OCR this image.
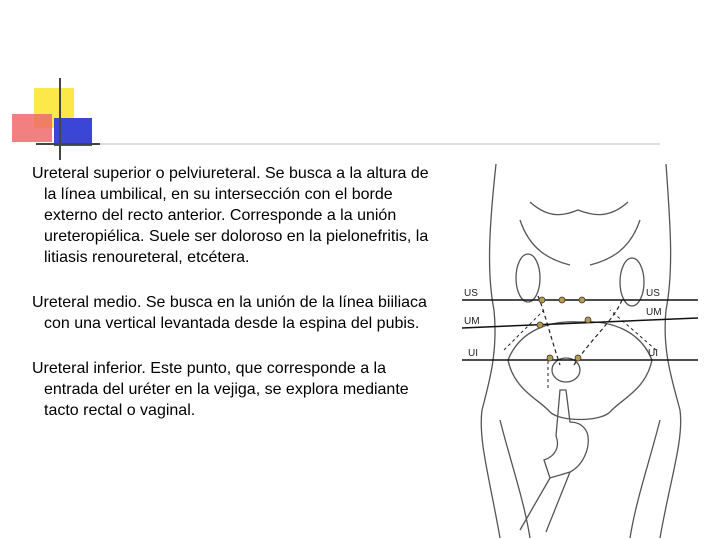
Ureteral superior o pelviureteral. Se busca a la altura de la línea umbilical, en su intersección con el borde externo del recto anterior. Corresponde a la unión ureteropiélica. Suele ser doloroso en la pielonefritis, la litiasis renoureteral, etcétera.

Ureteral medio. Se busca en la unión de la línea biiliaca con una vertical levantada desde la espina del pubis.

Ureteral inferior. Este punto, que corresponde a la entrada del uréter en la vejiga, se explora mediante tacto rectal o vaginal.

US
UM
UI
US
UM
UI
